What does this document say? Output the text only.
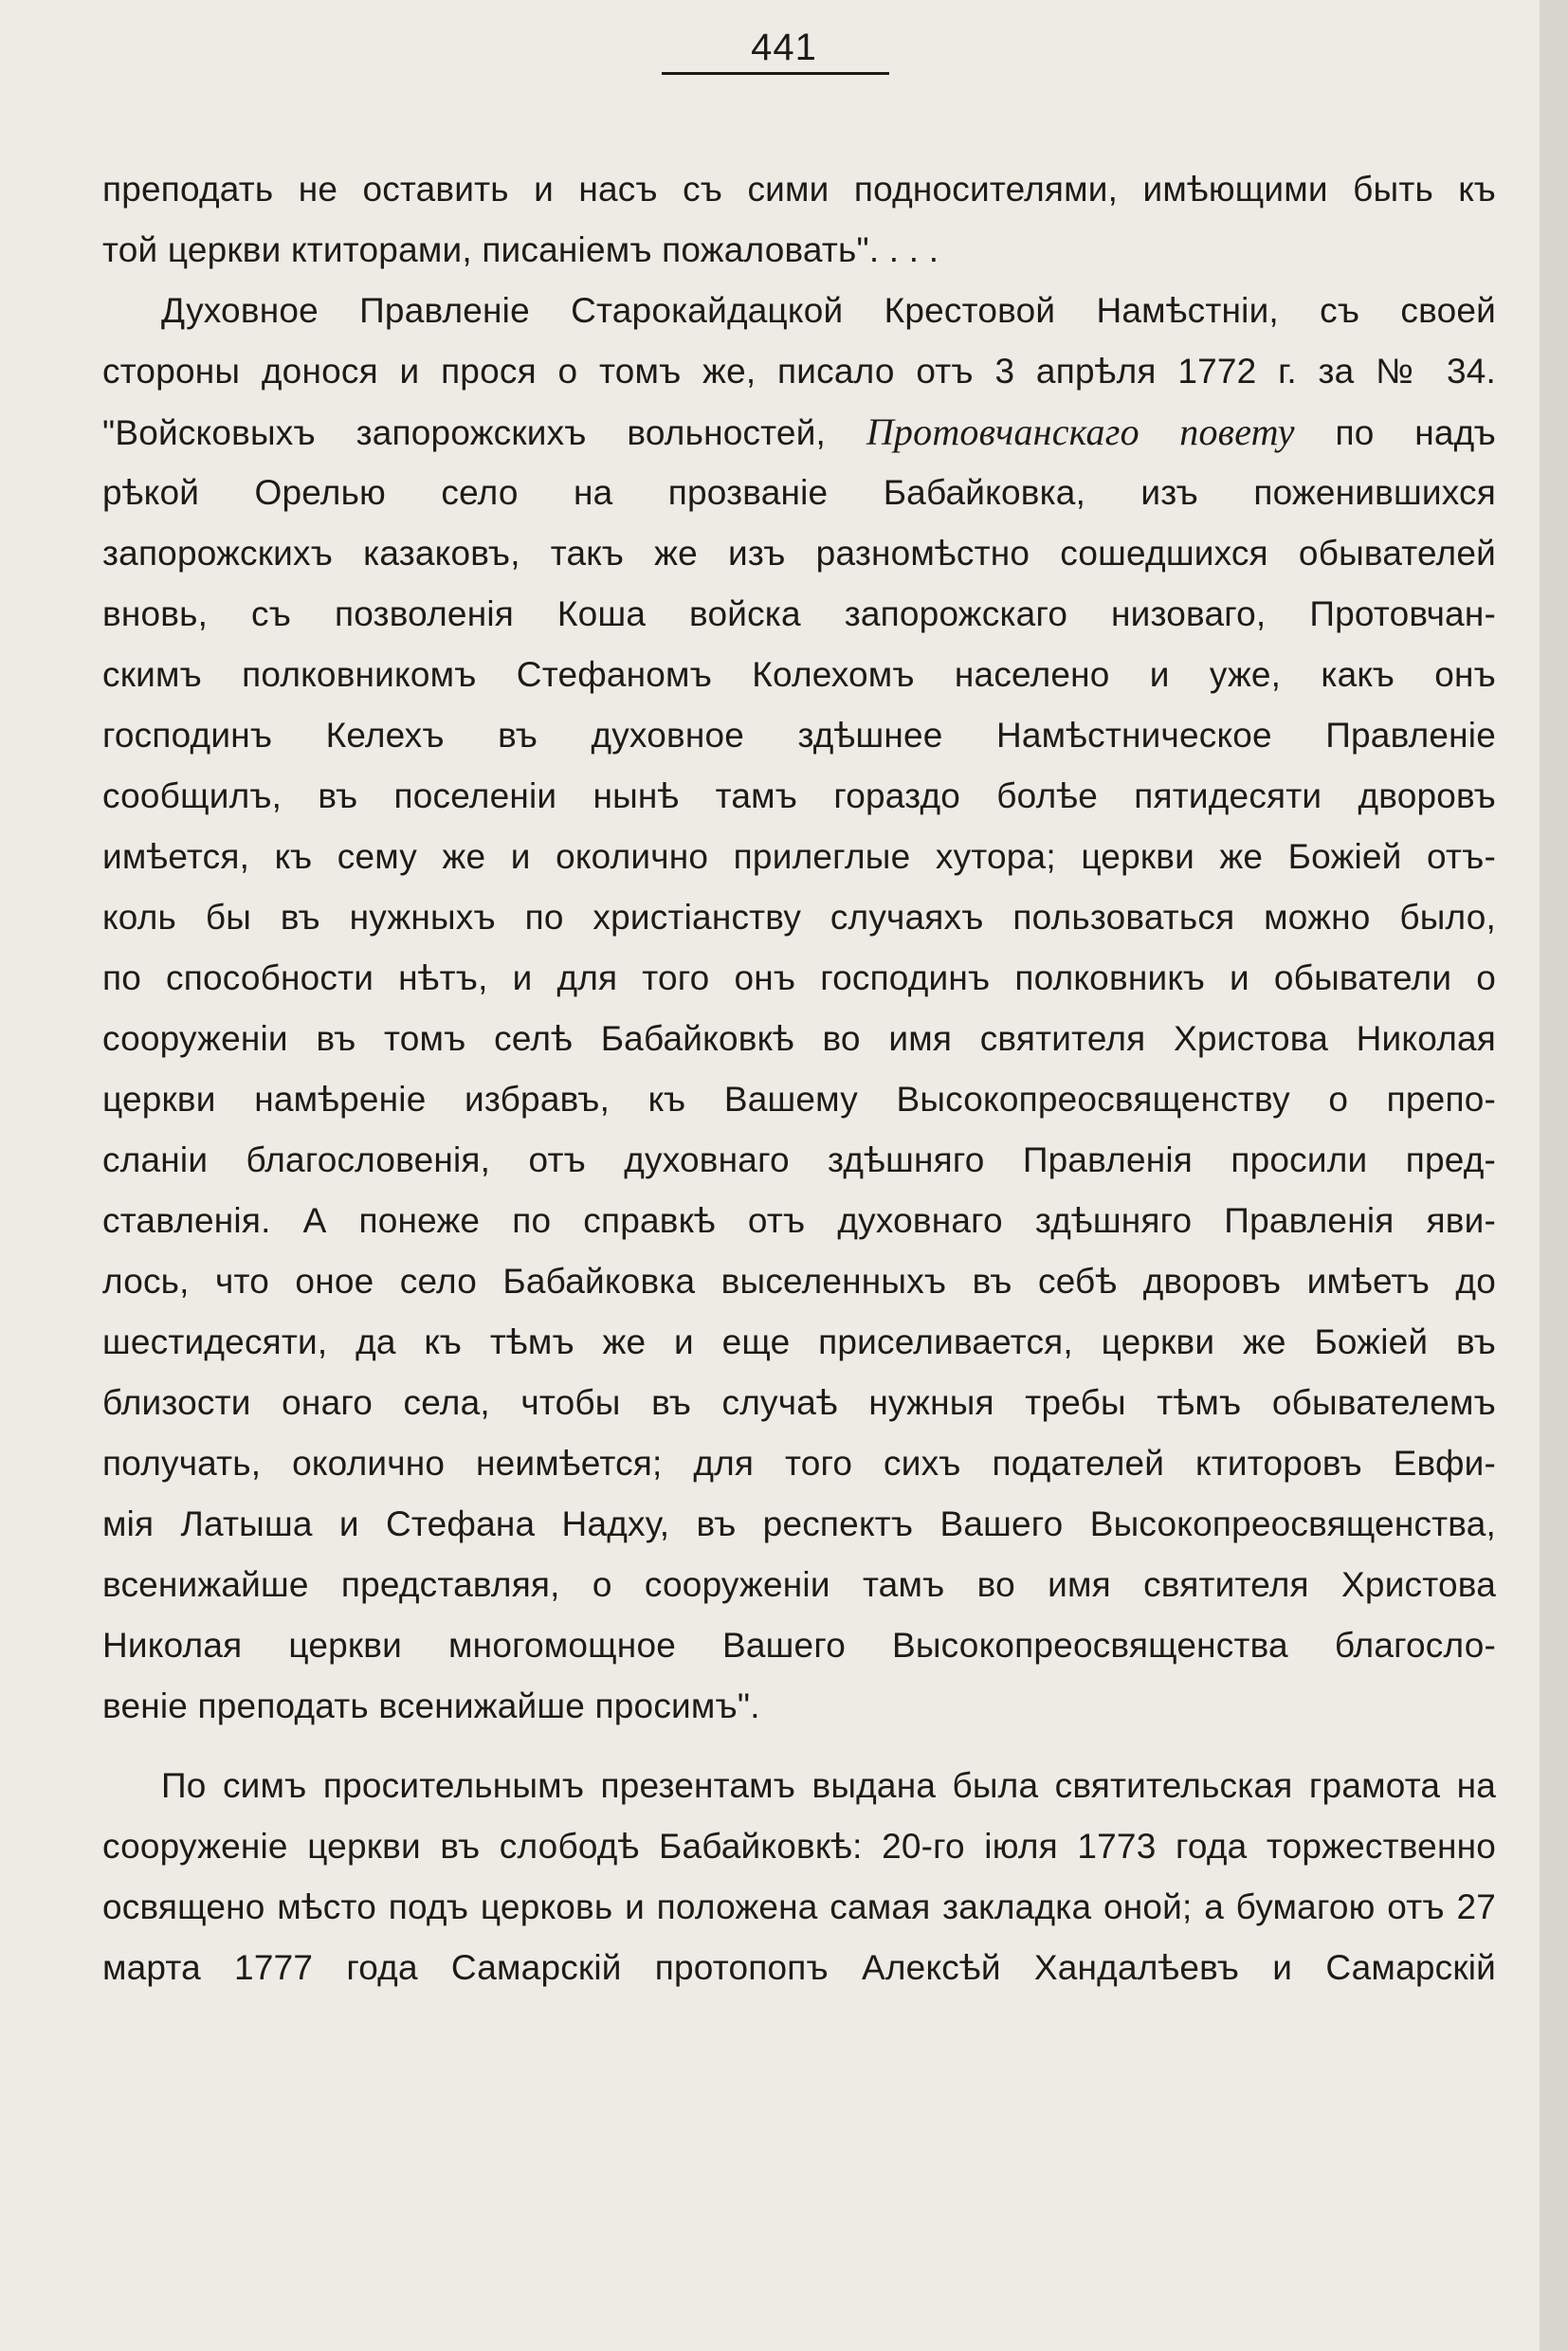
441
преподать не оставить и насъ съ сими подносителями, имѣющими быть къ
той церкви ктиторами, писаніемъ пожаловать". . . .
Духовное Правленіе Старокайдацкой Крестовой Намѣстніи, съ своей
стороны донося и прося о томъ же, писало отъ 3 апрѣля 1772 г. за № 34.
"Войсковыхъ запорожскихъ вольностей, Протовчанскаго повету по надъ
рѣкой Орелью село на прозваніе Бабайковка, изъ поженившихся
запорожскихъ казаковъ, такъ же изъ разномѣстно сошедшихся обывателей
вновь, съ позволенія Коша войска запорожскаго низоваго, Протовчан-
скимъ полковникомъ Стефаномъ Колехомъ населено и уже, какъ онъ
господинъ Келехъ въ духовное здѣшнее Намѣстническое Правленіе
сообщилъ, въ поселеніи нынѣ тамъ гораздо болѣе пятидесяти дворовъ
имѣется, къ сему же и околично прилеглые хутора; церкви же Божіей отъ-
коль бы въ нужныхъ по христіанству случаяхъ пользоваться можно было,
по способности нѣтъ, и для того онъ господинъ полковникъ и обыватели о
сооруженіи въ томъ селѣ Бабайковкѣ во имя святителя Христова Николая
церкви намѣреніе избравъ, къ Вашему Высокопреосвященству о препо-
сланіи благословенія, отъ духовнаго здѣшняго Правленія просили пред-
ставленія. А понеже по справкѣ отъ духовнаго здѣшняго Правленія яви-
лось, что оное село Бабайковка выселенныхъ въ себѣ дворовъ имѣетъ до
шестидесяти, да къ тѣмъ же и еще приселивается, церкви же Божіей въ
близости онаго села, чтобы въ случаѣ нужныя требы тѣмъ обывателемъ
получать, околично неимѣется; для того сихъ подателей ктиторовъ Евфи-
мія Латыша и Стефана Надху, въ респектъ Вашего Высокопреосвященства,
всенижайше представляя, о сооруженіи тамъ во имя святителя Христова
Николая церкви многомощное Вашего Высокопреосвященства благосло-
веніе преподать всенижайше просимъ".
По симъ просительнымъ презентамъ выдана была святительская грамота на
сооруженіе церкви въ слободѣ Бабайковкѣ: 20-го іюля 1773 года торжественно
освящено мѣсто подъ церковь и положена самая закладка оной; а бумагою отъ 27
марта 1777 года Самарскій протопопъ Алексѣй Хандалѣевъ и Самарскій
